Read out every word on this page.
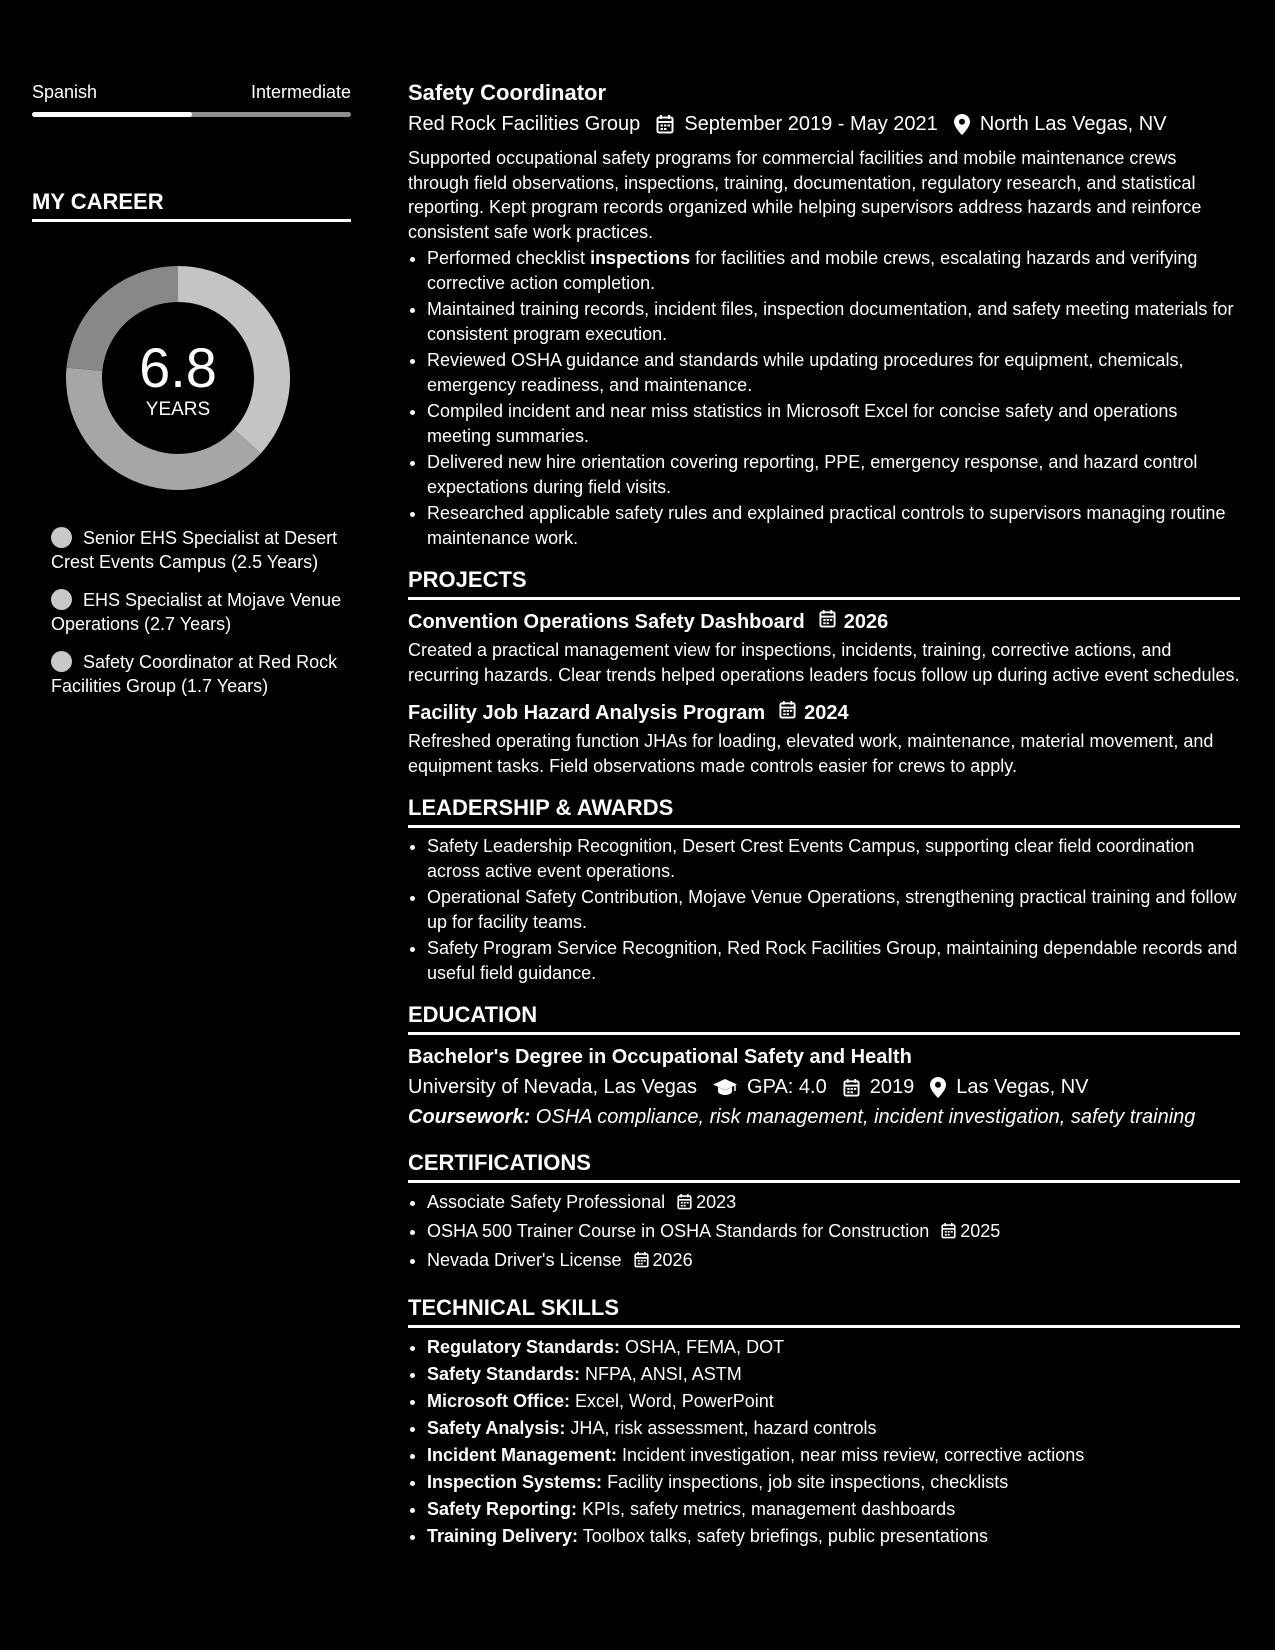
Spanish	Intermediate
MY CAREER
6.8
YEARS
Senior EHS Specialist at Desert Crest Events Campus (2.5 Years)
EHS Specialist at Mojave Venue Operations (2.7 Years)
Safety Coordinator at Red Rock Facilities Group (1.7 Years)
Safety Coordinator
Red Rock Facilities Group September 2019 - May 2021 North Las Vegas, NV

Supported occupational safety programs for commercial facilities and mobile maintenance crews through field observations, inspections, training, documentation, regulatory research, and statistical reporting. Kept program records organized while helping supervisors address hazards and reinforce consistent safe work practices.

• Performed checklist inspections for facilities and mobile crews, escalating hazards and verifying corrective action completion.
• Maintained training records, incident files, inspection documentation, and safety meeting materials for consistent program execution.
• Reviewed OSHA guidance and standards while updating procedures for equipment, chemicals, emergency readiness, and maintenance.
• Compiled incident and near miss statistics in Microsoft Excel for concise safety and operations meeting summaries.
• Delivered new hire orientation covering reporting, PPE, emergency response, and hazard control expectations during field visits.
• Researched applicable safety rules and explained practical controls to supervisors managing routine maintenance work.
PROJECTS
Convention Operations Safety Dashboard 2026

Created a practical management view for inspections, incidents, training, corrective actions, and recurring hazards. Clear trends helped operations leaders focus follow up during active event schedules.

Facility Job Hazard Analysis Program 2024

Refreshed operating function JHAs for loading, elevated work, maintenance, material movement, and equipment tasks. Field observations made controls easier for crews to apply.

LEADERSHIP & AWARDS
• Safety Leadership Recognition, Desert Crest Events Campus, supporting clear field coordination across active event operations.
• Operational Safety Contribution, Mojave Venue Operations, strengthening practical training and follow up for facility teams.
• Safety Program Service Recognition, Red Rock Facilities Group, maintaining dependable records and useful field guidance.
EDUCATION
Bachelor's Degree in Occupational Safety and Health
University of Nevada, Las Vegas	GPA: 4.0 2019 Las Vegas, NV
Coursework: OSHA compliance, risk management, incident investigation, safety training
CERTIFICATIONS
• Associate Safety Professional 2023
• OSHA 500 Trainer Course in OSHA Standards for Construction 2025
• Nevada Driver's License 2026
TECHNICAL SKILLS
• Regulatory Standards: OSHA, FEMA, DOT
• Safety Standards: NFPA, ANSI, ASTM
• Microsoft Office: Excel, Word, PowerPoint
• Safety Analysis: JHA, risk assessment, hazard controls
• Incident Management: Incident investigation, near miss review, corrective actions
• Inspection Systems: Facility inspections, job site inspections, checklists
• Safety Reporting: KPIs, safety metrics, management dashboards
• Training Delivery: Toolbox talks, safety briefings, public presentations
